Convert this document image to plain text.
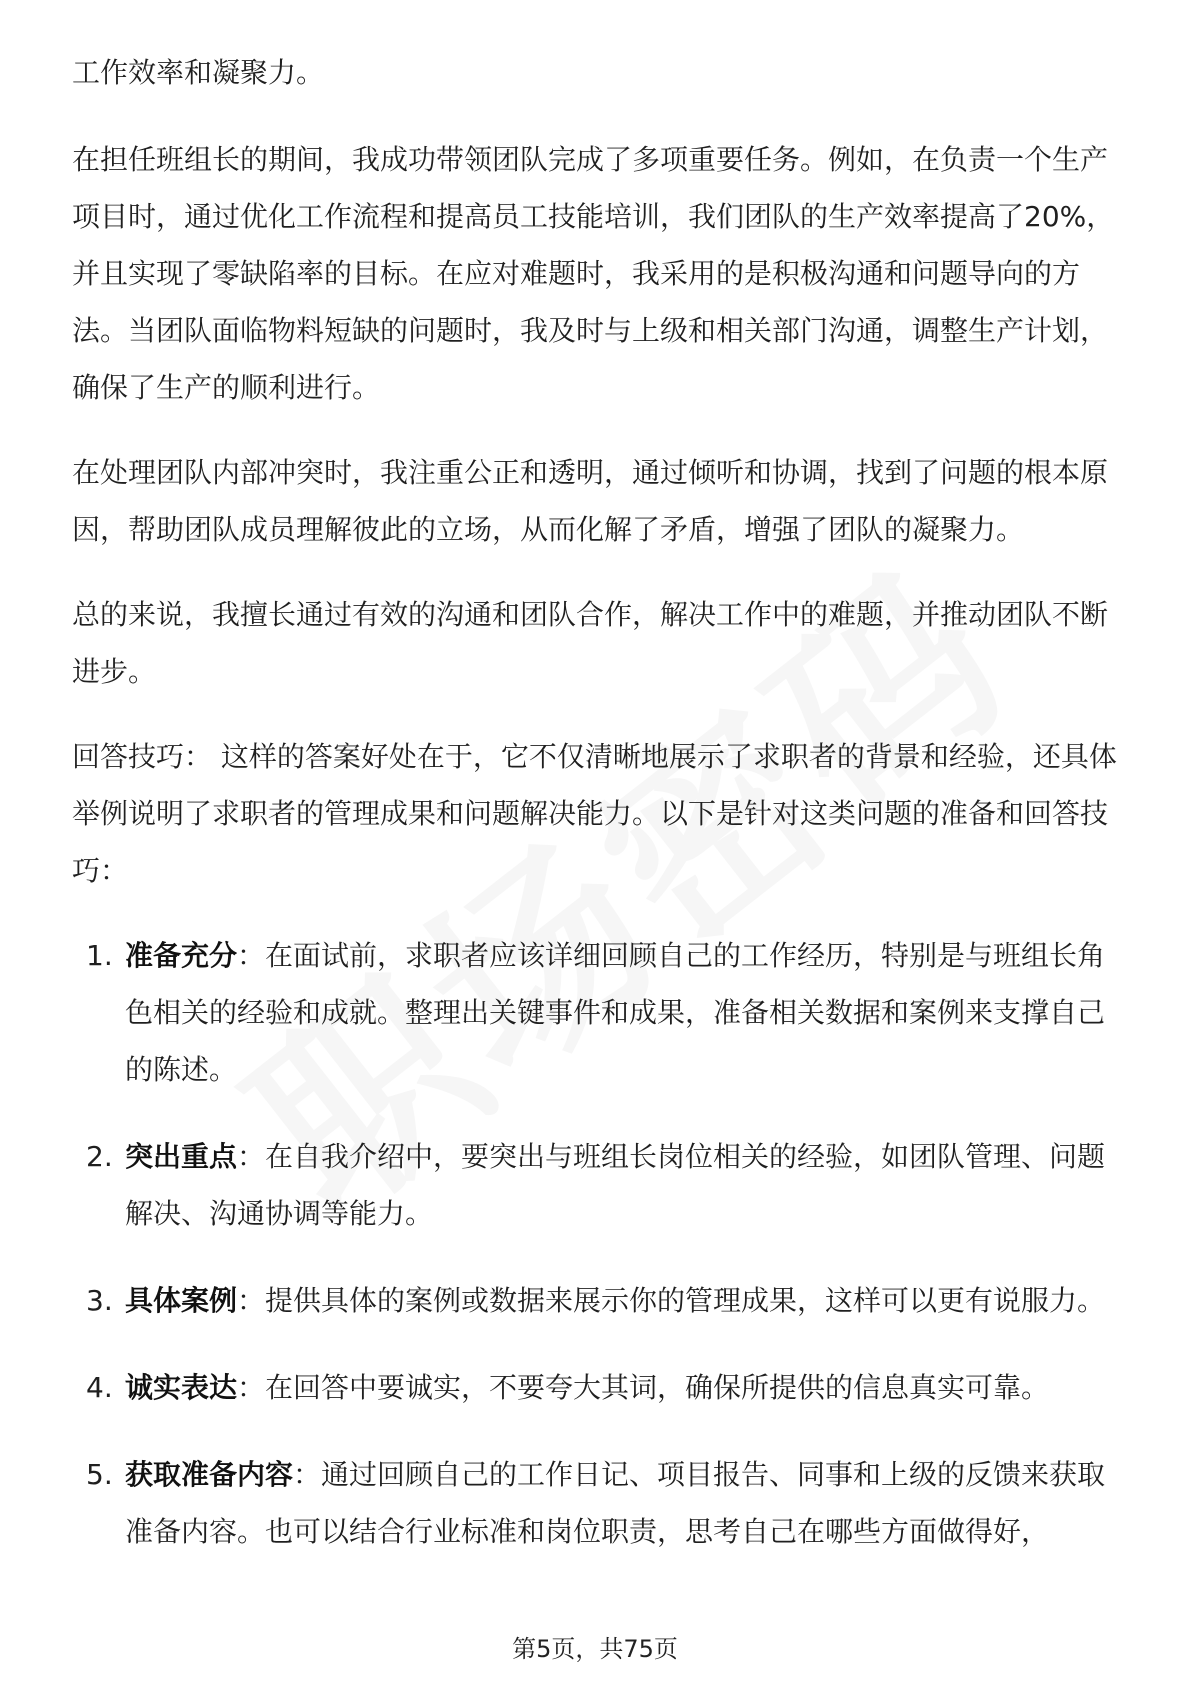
工作效率和凝聚力。

在担任班组长的期间，我成功带领团队完成了多项重要任务。例如，在负责一个生产项目时，通过优化工作流程和提高员工技能培训，我们团队的生产效率提高了20%，并且实现了零缺陷率的目标。在应对难题时，我采用的是积极沟通和问题导向的方法。当团队面临物料短缺的问题时，我及时与上级和相关部门沟通，调整生产计划，确保了生产的顺利进行。

在处理团队内部冲突时，我注重公正和透明，通过倾听和协调，找到了问题的根本原因，帮助团队成员理解彼此的立场，从而化解了矛盾，增强了团队的凝聚力。

总的来说，我擅长通过有效的沟通和团队合作，解决工作中的难题，并推动团队不断进步。

回答技巧： 这样的答案好处在于，它不仅清晰地展示了求职者的背景和经验，还具体举例说明了求职者的管理成果和问题解决能力。以下是针对这类问题的准备和回答技巧：

1. 准备充分：在面试前，求职者应该详细回顾自己的工作经历，特别是与班组长角色相关的经验和成就。整理出关键事件和成果，准备相关数据和案例来支撑自己的陈述。
2. 突出重点：在自我介绍中，要突出与班组长岗位相关的经验，如团队管理、问题解决、沟通协调等能力。
3. 具体案例：提供具体的案例或数据来展示你的管理成果，这样可以更有说服力。
4. 诚实表达：在回答中要诚实，不要夸大其词，确保所提供的信息真实可靠。
5. 获取准备内容：通过回顾自己的工作日记、项目报告、同事和上级的反馈来获取准备内容。也可以结合行业标准和岗位职责，思考自己在哪些方面做得好，
第5页，共75页
